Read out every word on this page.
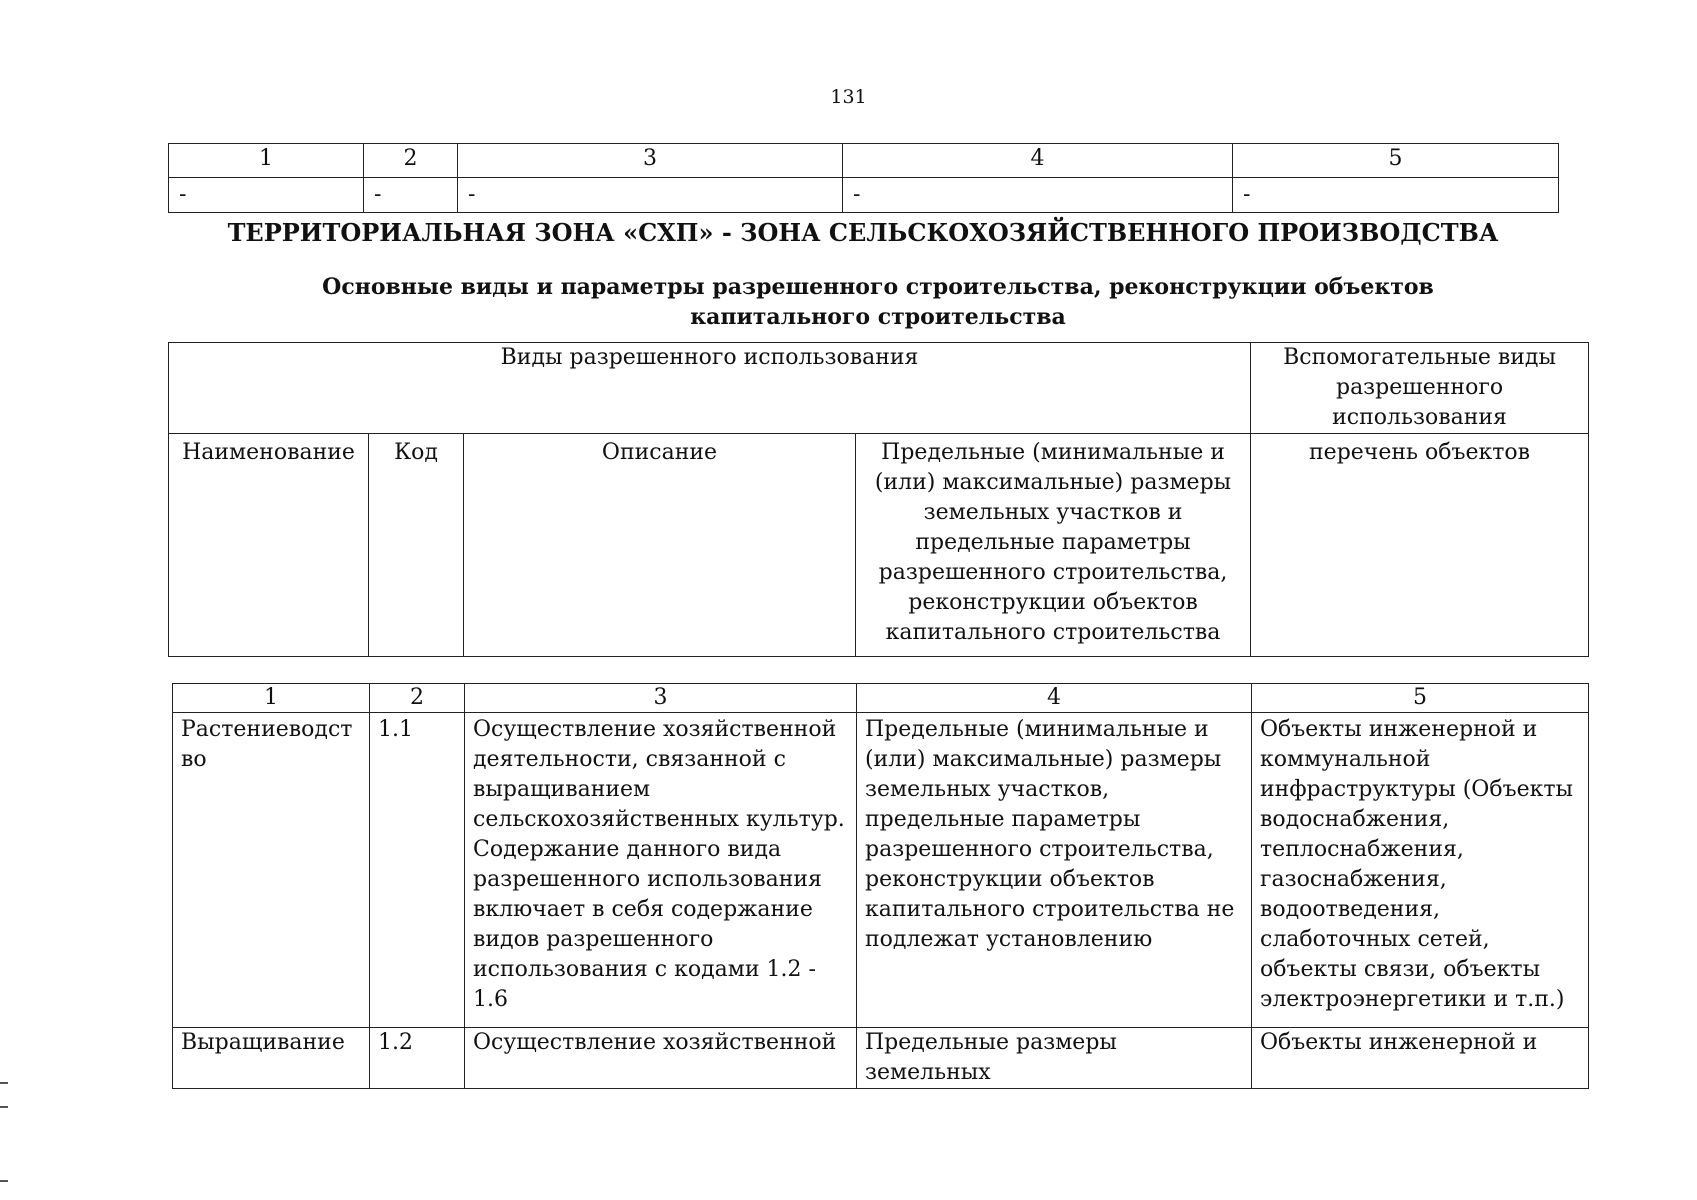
131
1	2	3	4	5
-	-	-	-	-
ТЕРРИТОРИАЛЬНАЯ ЗОНА «СХП» - ЗОНА СЕЛЬСКОХОЗЯЙСТВЕННОГО ПРОИЗВОДСТВА
Основные виды и параметры разрешенного строительства, реконструкции объектов капитального строительства
Виды разрешенного использования				Вспомогательные виды разрешенного использования
Наименование	Код	Описание	Предельные (минимальные и (или) максимальные) размеры земельных участков и предельные параметры разрешенного строительства, реконструкции объектов капитального строительства	перечень объектов
1	2	3	4	5
Растениеводство	1.1	Осуществление хозяйственной деятельности, связанной с выращиванием сельскохозяйственных культур. Содержание данного вида разрешенного использования включает в себя содержание видов разрешенного использования с кодами 1.2 - 1.6	Предельные (минимальные и (или) максимальные) размеры земельных участков, предельные параметры разрешенного строительства, реконструкции объектов капитального строительства не подлежат установлению	Объекты инженерной и коммунальной инфраструктуры (Объекты водоснабжения, теплоснабжения, газоснабжения, водоотведения, слаботочных сетей, объекты связи, объекты электроэнергетики и т.п.)
Выращивание	1.2	Осуществление хозяйственной	Предельные размеры земельных	Объекты инженерной и
